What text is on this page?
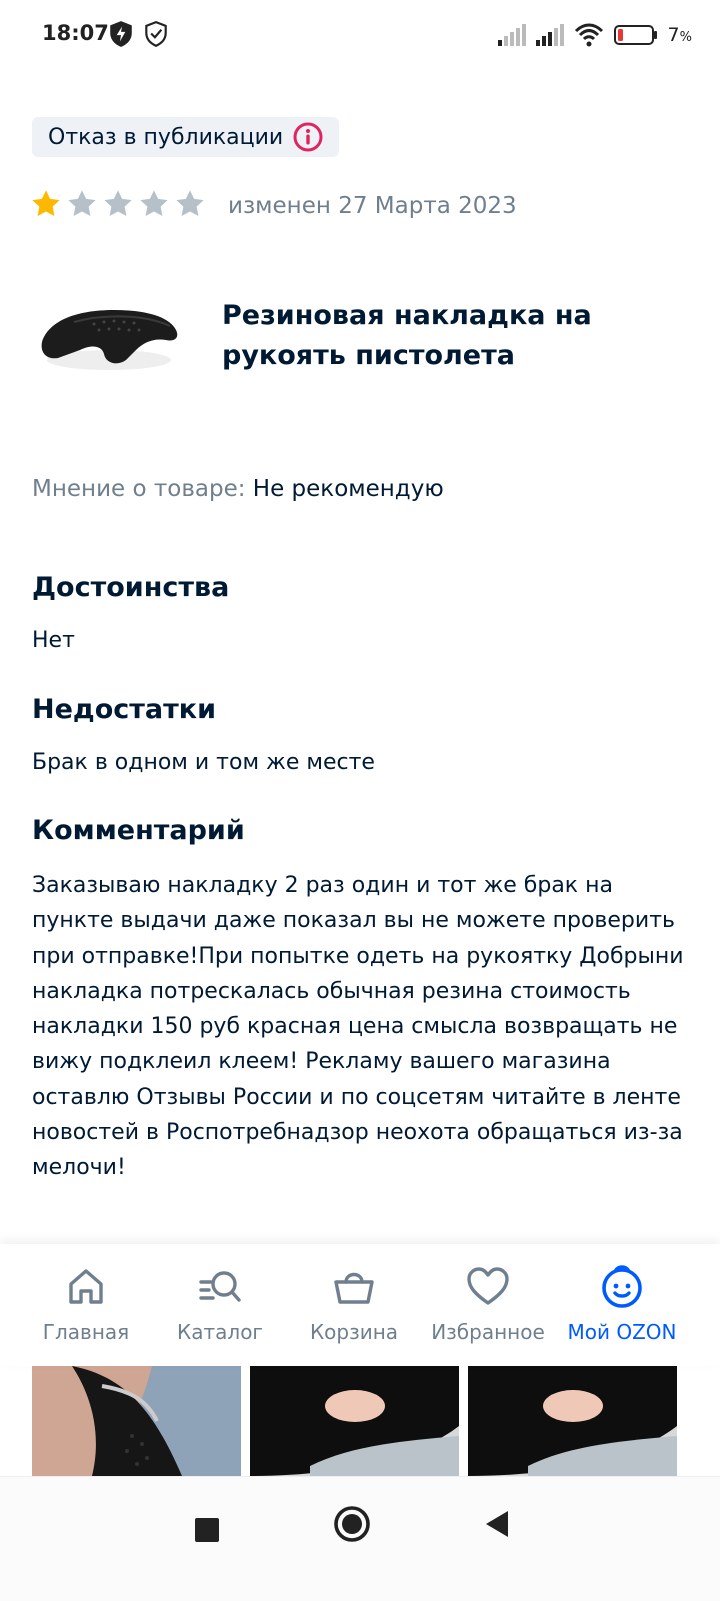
18:07	7%
Отказ в публикации
изменен 27 Марта 2023
Резиновая накладка на рукоять пистолета
Мнение о товаре: Не рекомендую
Достоинства
Нет
Недостатки
Брак в одном и том же месте
Комментарий
Заказываю накладку 2 раз один и тот же брак на пункте выдачи даже показал вы не можете проверить при отправке!При попытке одеть на рукоятку Добрыни накладка потрескалась обычная резина стоимость накладки 150 руб красная цена смысла возвращать не вижу подклеил клеем! Рекламу вашего магазина оставлю Отзывы России и по соцсетям читайте в ленте новостей в Роспотребнадзор неохота обращаться из-за мелочи!
Главная Каталог Корзина Избранное Мой OZON
